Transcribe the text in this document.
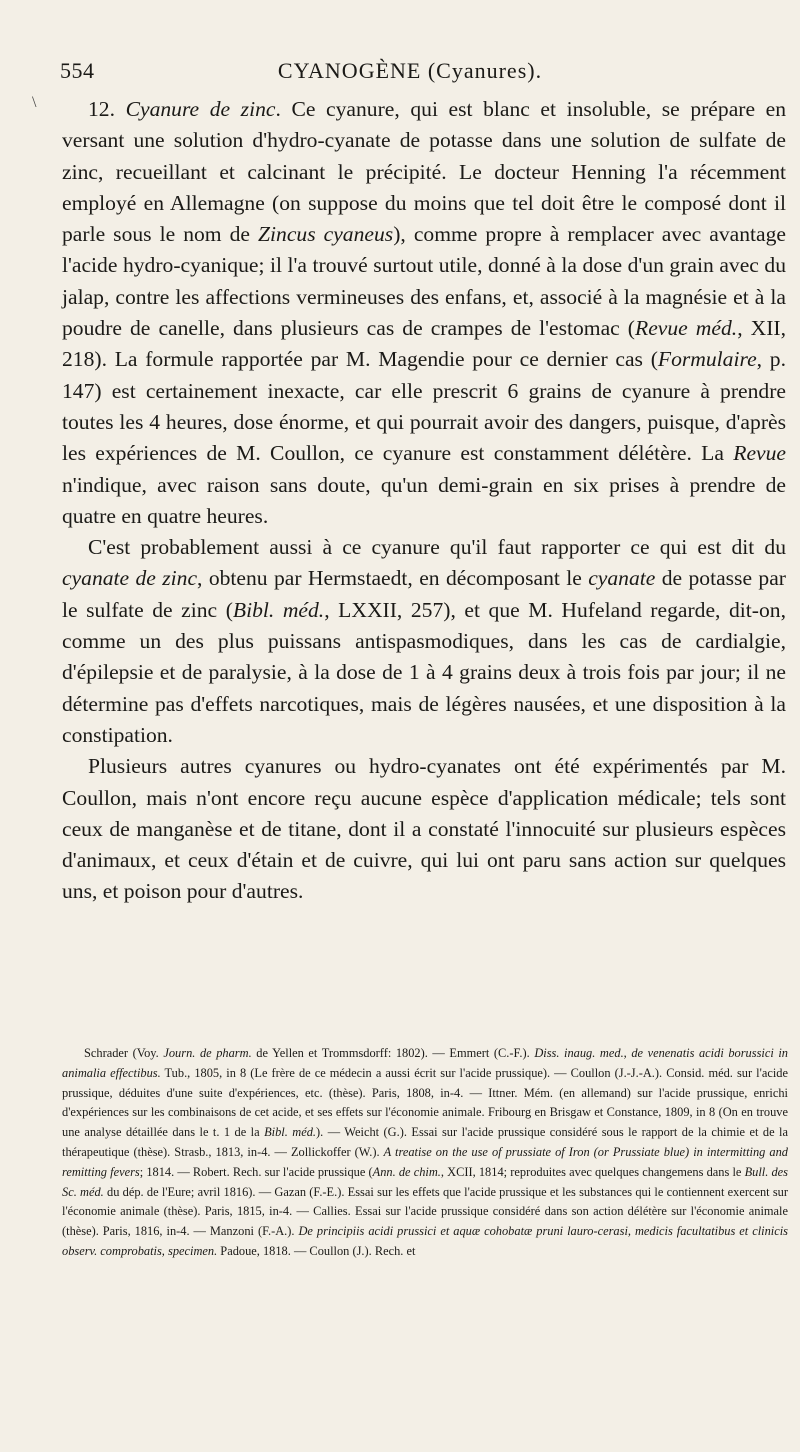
554	CYANOGÈNE (Cyanures).
\	12. Cyanure de zinc. Ce cyanure, qui est blanc et insoluble, se prépare en versant une solution d'hydro-cyanate de potasse dans une solution de sulfate de zinc, recueillant et calcinant le précipité. Le docteur Henning l'a récemment employé en Allemagne (on suppose du moins que tel doit être le composé dont il parle sous le nom de Zincus cyaneus), comme propre à remplacer avec avantage l'acide hydro-cyanique; il l'a trouvé surtout utile, donné à la dose d'un grain avec du jalap, contre les affections vermineuses des enfans, et, associé à la magnésie et à la poudre de canelle, dans plusieurs cas de crampes de l'estomac (Revue méd., XII, 218). La formule rapportée par M. Magendie pour ce dernier cas (Formulaire, p. 147) est certainement inexacte, car elle prescrit 6 grains de cyanure à prendre toutes les 4 heures, dose énorme, et qui pourrait avoir des dangers, puisque, d'après les expériences de M. Coullon, ce cyanure est constamment délétère. La Revue n'indique, avec raison sans doute, qu'un demi-grain en six prises à prendre de quatre en quatre heures.

C'est probablement aussi à ce cyanure qu'il faut rapporter ce qui est dit du cyanate de zinc, obtenu par Hermstaedt, en décomposant le cyanate de potasse par le sulfate de zinc (Bibl. méd., LXXII, 257), et que M. Hufeland regarde, dit-on, comme un des plus puissans antispasmodiques, dans les cas de cardialgie, d'épilepsie et de paralysie, à la dose de 1 à 4 grains deux à trois fois par jour; il ne détermine pas d'effets narcotiques, mais de légères nausées, et une disposition à la constipation.

Plusieurs autres cyanures ou hydro-cyanates ont été expérimentés par M. Coullon, mais n'ont encore reçu aucune espèce d'application médicale; tels sont ceux de manganèse et de titane, dont il a constaté l'innocuité sur plusieurs espèces d'animaux, et ceux d'étain et de cuivre, qui lui ont paru sans action sur quelques uns, et poison pour d'autres.

Schrader (Voy. Journ. de pharm. de Yellen et Trommsdorff: 1802). — Emmert (C.-F.). Diss. inaug. med., de venenatis acidi borussici in animalia effectibus. Tub., 1805, in 8 (Le frère de ce médecin a aussi écrit sur l'acide prussique). — Coullon (J.-J.-A.). Consid. méd. sur l'acide prussique, déduites d'une suite d'expériences, etc. (thèse). Paris, 1808, in-4. — Ittner. Mém. (en allemand) sur l'acide prussique, enrichi d'expériences sur les combinaisons de cet acide, et ses effets sur l'économie animale. Fribourg en Brisgaw et Constance, 1809, in 8 (On en trouve une analyse détaillée dans le t. 1 de la Bibl. méd.). — Weicht (G.). Essai sur l'acide prussique considéré sous le rapport de la chimie et de la thérapeutique (thèse). Strasb., 1813, in-4. — Zollickoffer (W.). A treatise on the use of prussiate of Iron (or Prussiate blue) in intermitting and remitting fevers; 1814. — Robert. Rech. sur l'acide prussique (Ann. de chim., XCII, 1814; reproduites avec quelques changemens dans le Bull. des Sc. méd. du dép. de l'Eure; avril 1816). — Gazan (F.-E.). Essai sur les effets que l'acide prussique et les substances qui le contiennent exercent sur l'économie animale (thèse). Paris, 1815, in-4. — Callies. Essai sur l'acide prussique considéré dans son action délétère sur l'économie animale (thèse). Paris, 1816, in-4. — Manzoni (F.-A.). De principiis acidi prussici et aquæ cohobatæ pruni lauro-cerasi, medicis facultatibus et clinicis observ. comprobatis, specimen. Padoue, 1818. — Coullon (J.). Rech. et
